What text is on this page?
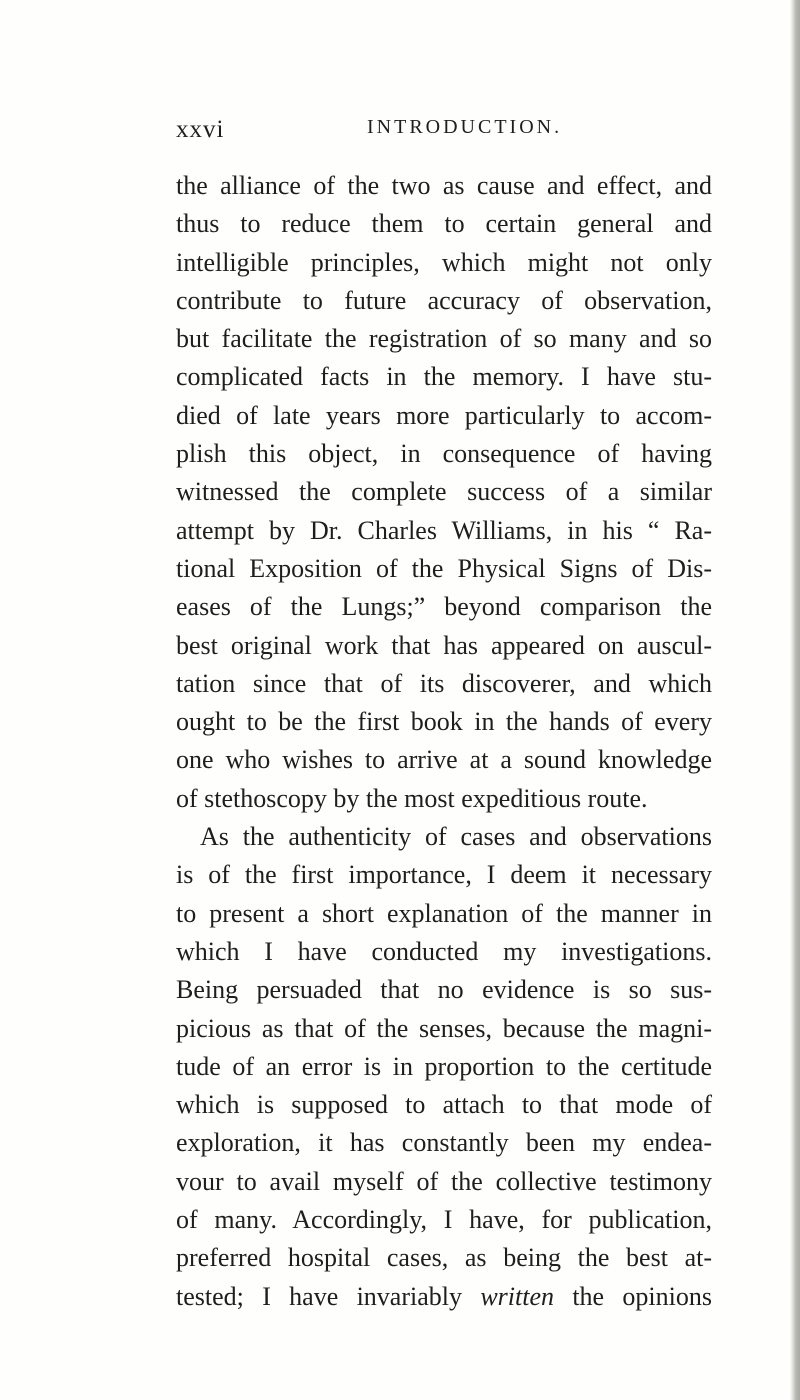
xxvi	INTRODUCTION.
the alliance of the two as cause and effect, and
thus to reduce them to certain general and
intelligible principles, which might not only
contribute to future accuracy of observation,
but facilitate the registration of so many and so
complicated facts in the memory. I have stu-
died of late years more particularly to accom-
plish this object, in consequence of having
witnessed the complete success of a similar
attempt by Dr. Charles Williams, in his “ Ra-
tional Exposition of the Physical Signs of Dis-
eases of the Lungs;” beyond comparison the
best original work that has appeared on auscul-
tation since that of its discoverer, and which
ought to be the first book in the hands of every
one who wishes to arrive at a sound knowledge
of stethoscopy by the most expeditious route.
As the authenticity of cases and observations
is of the first importance, I deem it necessary
to present a short explanation of the manner in
which I have conducted my investigations.
Being persuaded that no evidence is so sus-
picious as that of the senses, because the magni-
tude of an error is in proportion to the certitude
which is supposed to attach to that mode of
exploration, it has constantly been my endea-
vour to avail myself of the collective testimony
of many. Accordingly, I have, for publication,
preferred hospital cases, as being the best at-
tested; I have invariably written the opinions
